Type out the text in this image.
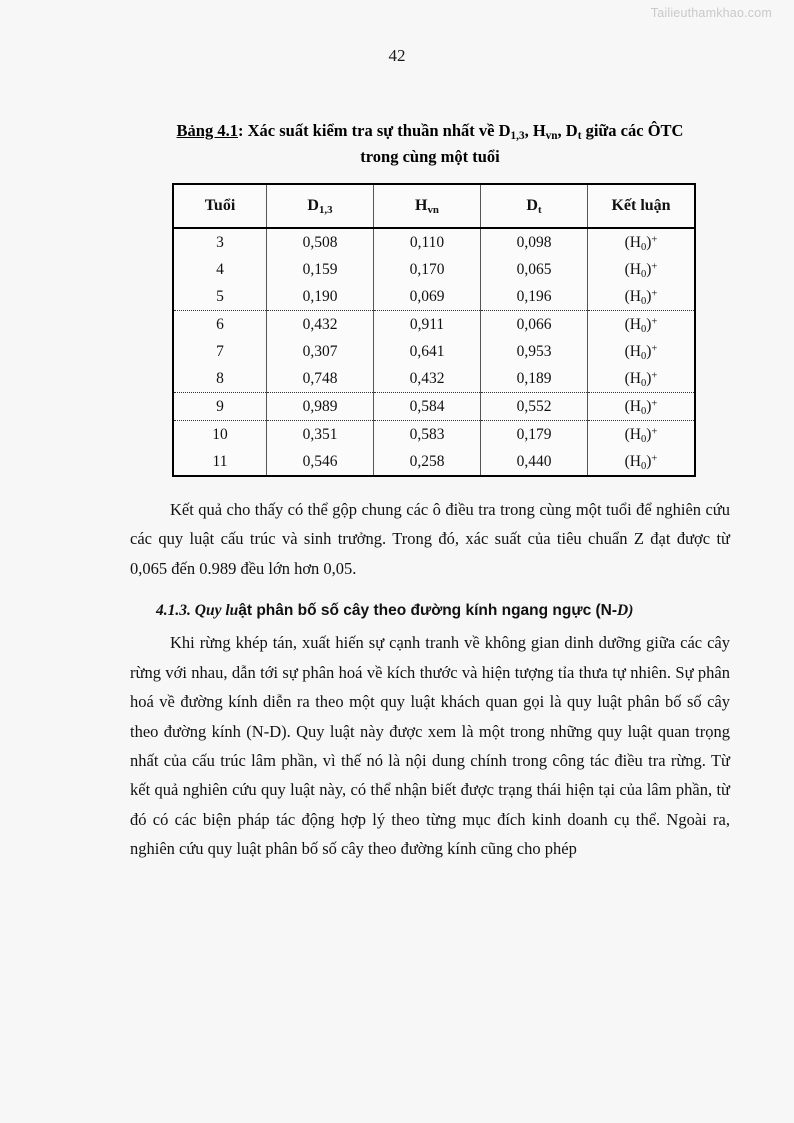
Tailieuthamkhao.com
42
Bảng 4.1: Xác suất kiểm tra sự thuần nhất về $D_{1,3}$, $H_{vn}$, $D_t$ giữa các ÔTC
trong cùng một tuổi
Tuổi	$D_{1,3}$	$H_{vn}$	$D_t$	Kết luận
3	0,508	0,110	0,098	$(H_0)^+$
4	0,159	0,170	0,065	$(H_0)^+$
5	0,190	0,069	0,196	$(H_0)^+$
6	0,432	0,911	0,066	$(H_0)^+$
7	0,307	0,641	0,953	$(H_0)^+$
8	0,748	0,432	0,189	$(H_0)^+$
9	0,989	0,584	0,552	$(H_0)^+$
10	0,351	0,583	0,179	$(H_0)^+$
11	0,546	0,258	0,440	$(H_0)^+$

Kết quả cho thấy có thể gộp chung các ô điều tra trong cùng một tuổi để nghiên cứu các quy luật cấu trúc và sinh trưởng. Trong đó, xác suất của tiêu chuẩn Z đạt được từ 0,065 đến 0.989 đều lớn hơn 0,05.

4.1.3. Quy luật phân bố số cây theo đường kính ngang ngực (N-D)

Khi rừng khép tán, xuất hiến sự cạnh tranh về không gian dinh dưỡng giữa các cây rừng với nhau, dẫn tới sự phân hoá về kích thước và hiện tượng tỉa thưa tự nhiên. Sự phân hoá về đường kính diễn ra theo một quy luật khách quan gọi là quy luật phân bố số cây theo đường kính (N-D). Quy luật này được xem là một trong những quy luật quan trọng nhất của cấu trúc lâm phần, vì thế nó là nội dung chính trong công tác điều tra rừng. Từ kết quả nghiên cứu quy luật này, có thể nhận biết được trạng thái hiện tại của lâm phần, từ đó có các biện pháp tác động hợp lý theo từng mục đích kinh doanh cụ thể. Ngoài ra, nghiên cứu quy luật phân bố số cây theo đường kính cũng cho phép
